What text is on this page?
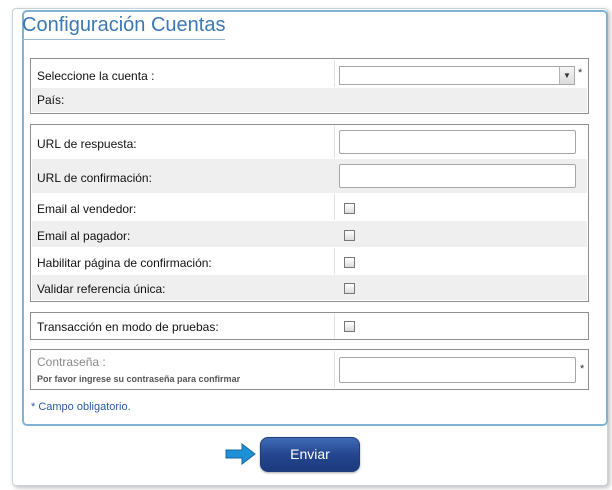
Configuración Cuentas
Seleccione la cuenta :	▼ *
País:
URL de respuesta:
URL de confirmación:
Email al vendedor:
Email al pagador:
Habilitar página de confirmación:
Validar referencia única:
Transacción en modo de pruebas:
Contraseña :
Por favor ingrese su contraseña para confirmar
*
* Campo obligatorio.
Enviar
